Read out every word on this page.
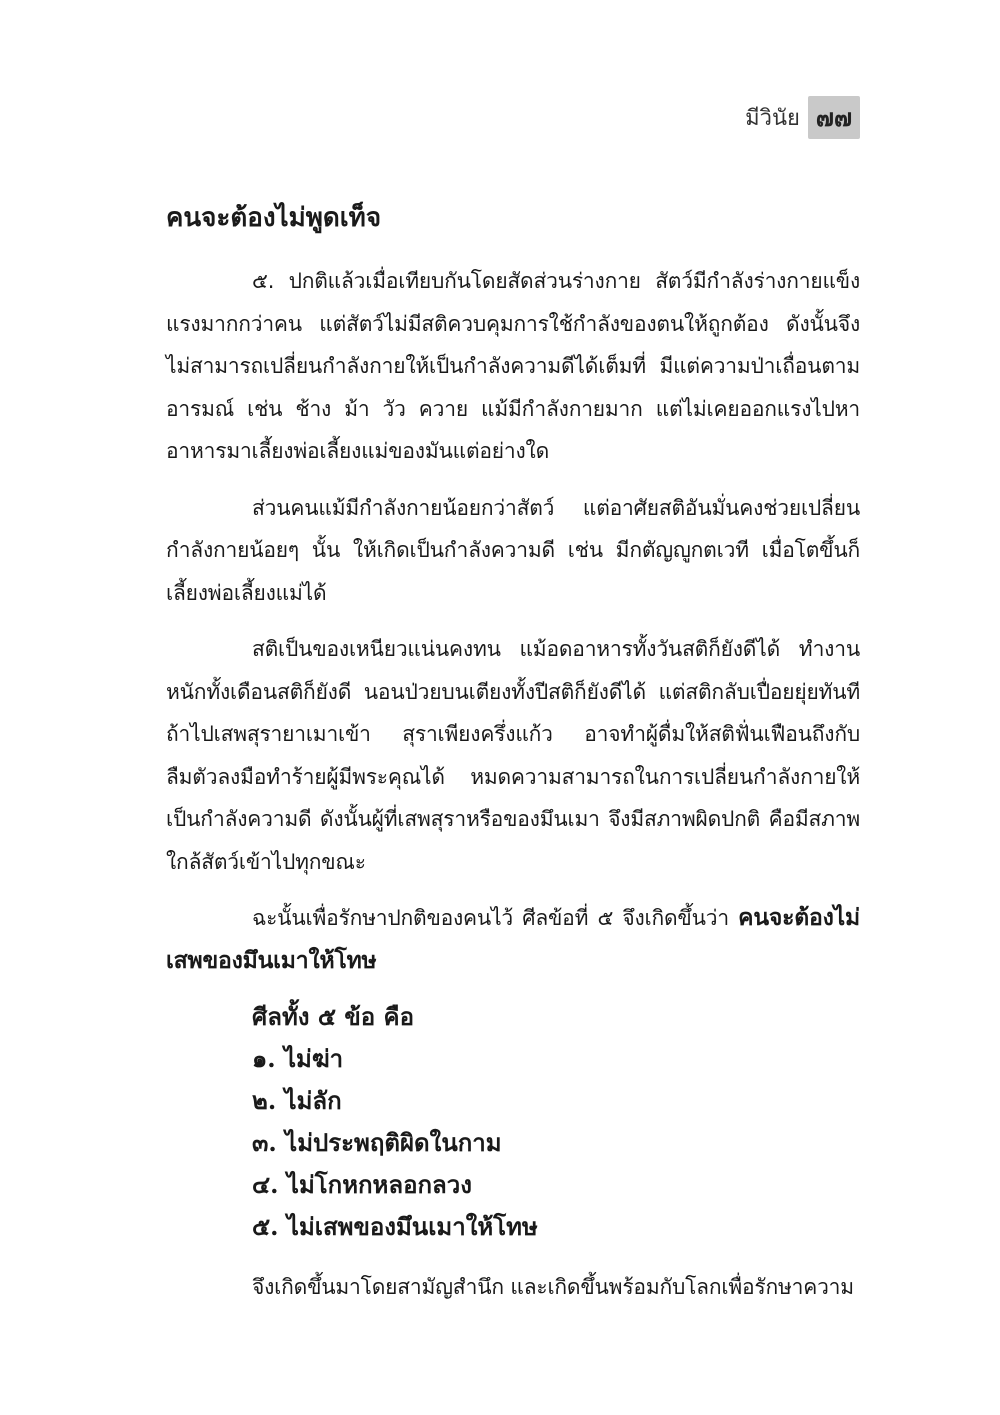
มีวินัย ๗๗
คนจะต้องไม่พูดเท็จ

๕. ปกติแล้วเมื่อเทียบกันโดยสัดส่วนร่างกาย สัตว์มีกำลังร่างกายแข็งแรงมากกว่าคน แต่สัตว์ไม่มีสติควบคุมการใช้กำลังของตนให้ถูกต้อง ดังนั้นจึงไม่สามารถเปลี่ยนกำลังกายให้เป็นกำลังความดีได้เต็มที่ มีแต่ความป่าเถื่อนตามอารมณ์ เช่น ช้าง ม้า วัว ควาย แม้มีกำลังกายมาก แต่ไม่เคยออกแรงไปหาอาหารมาเลี้ยงพ่อเลี้ยงแม่ของมันแต่อย่างใด

ส่วนคนแม้มีกำลังกายน้อยกว่าสัตว์ แต่อาศัยสติอันมั่นคงช่วยเปลี่ยนกำลังกายน้อยๆ นั้น ให้เกิดเป็นกำลังความดี เช่น มีกตัญญูกตเวที เมื่อโตขึ้นก็เลี้ยงพ่อเลี้ยงแม่ได้

สติเป็นของเหนียวแน่นคงทน แม้อดอาหารทั้งวันสติก็ยังดีได้ ทำงานหนักทั้งเดือนสติก็ยังดี นอนป่วยบนเตียงทั้งปีสติก็ยังดีได้ แต่สติกลับเปื่อยยุ่ยทันทีถ้าไปเสพสุรายาเมาเข้า สุราเพียงครึ่งแก้ว อาจทำผู้ดื่มให้สติฟั่นเฟือนถึงกับลืมตัวลงมือทำร้ายผู้มีพระคุณได้ หมดความสามารถในการเปลี่ยนกำลังกายให้เป็นกำลังความดี ดังนั้นผู้ที่เสพสุราหรือของมึนเมา จึงมีสภาพผิดปกติ คือมีสภาพใกล้สัตว์เข้าไปทุกขณะ

ฉะนั้นเพื่อรักษาปกติของคนไว้ ศีลข้อที่ ๕ จึงเกิดขึ้นว่า คนจะต้องไม่เสพของมึนเมาให้โทษ

ศีลทั้ง ๕ ข้อ คือ
๑. ไม่ฆ่า
๒. ไม่ลัก
๓. ไม่ประพฤติผิดในกาม
๔. ไม่โกหกหลอกลวง
๕. ไม่เสพของมึนเมาให้โทษ

จึงเกิดขึ้นมาโดยสามัญสำนึก และเกิดขึ้นพร้อมกับโลกเพื่อรักษาความ
